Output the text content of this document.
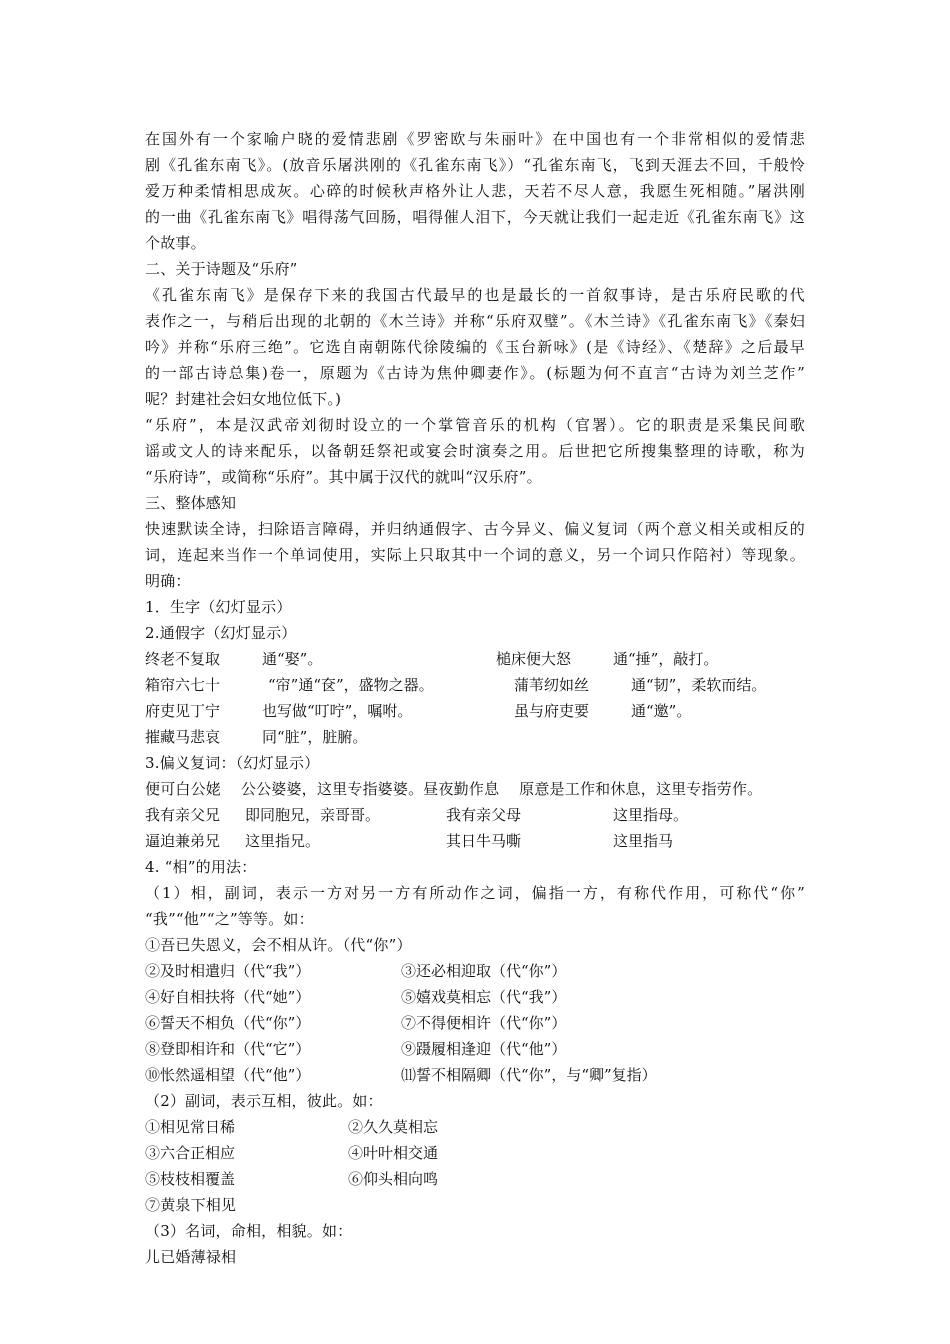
在国外有一个家喻户晓的爱情悲剧《罗密欧与朱丽叶》在中国也有一个非常相似的爱情悲
剧《孔雀东南飞》。(放音乐屠洪刚的《孔雀东南飞》）“孔雀东南飞，飞到天涯去不回，千般怜
爱万种柔情相思成灰。心碎的时候秋声格外让人悲，天若不尽人意，我愿生死相随。”屠洪刚
的一曲《孔雀东南飞》唱得荡气回肠，唱得催人泪下，今天就让我们一起走近《孔雀东南飞》这
个故事。
二、关于诗题及“乐府”
《孔雀东南飞》是保存下来的我国古代最早的也是最长的一首叙事诗，是古乐府民歌的代
表作之一，与稍后出现的北朝的《木兰诗》并称“乐府双璧”。《木兰诗》《孔雀东南飞》《秦妇
吟》并称“乐府三绝”。它选自南朝陈代徐陵编的《玉台新咏》(是《诗经》、《楚辞》之后最早
的一部古诗总集)卷一，原题为《古诗为焦仲卿妻作》。(标题为何不直言“古诗为刘兰芝作”
呢？封建社会妇女地位低下。)
“乐府”，本是汉武帝刘彻时设立的一个掌管音乐的机构（官署）。它的职责是采集民间歌
谣或文人的诗来配乐，以备朝廷祭祀或宴会时演奏之用。后世把它所搜集整理的诗歌，称为
“乐府诗”，或简称“乐府”。其中属于汉代的就叫“汉乐府”。
三、整体感知
快速默读全诗，扫除语言障碍，并归纳通假字、古今异义、偏义复词（两个意义相关或相反的
词，连起来当作一个单词使用，实际上只取其中一个词的意义，另一个词只作陪衬）等现象。
明确：
1．生字（幻灯显示）
2.通假字（幻灯显示）
终老不复取	通“娶”。	槌床便大怒	通“捶”，敲打。
箱帘六七十	“帘”通“奁”，盛物之器。	蒲苇纫如丝	通“韧”，柔软而结。
府吏见丁宁	也写做“叮咛”，嘱咐。	虽与府吏要	通“邀”。
摧藏马悲哀	同“脏”，脏腑。
3.偏义复词：（幻灯显示）
便可白公姥    公公婆婆，这里专指婆婆。昼夜勤作息    原意是工作和休息，这里专指劳作。
我有亲父兄 即同胞兄，亲哥哥。	我有亲父母	这里指母。
逼迫兼弟兄 这里指兄。	其日牛马嘶	这里指马
4. “相”的用法：
（1）相，副词，表示一方对另一方有所动作之词，偏指一方，有称代作用，可称代“你”
“我”“他”“之”等等。如：
①吾已失恩义，会不相从许。（代“你”）
②及时相遣归（代“我”）	③还必相迎取（代“你”）
④好自相扶将（代“她”）	⑤嬉戏莫相忘（代“我”）
⑥誓天不相负（代“你”）	⑦不得便相许（代“你”）
⑧登即相许和（代“它”）	⑨蹑履相逢迎（代“他”）
⑩怅然遥相望（代“他”）	⑾誓不相隔卿（代“你”，与“卿”复指）
（2）副词，表示互相，彼此。如：
①相见常日稀	②久久莫相忘
③六合正相应	④叶叶相交通
⑤枝枝相覆盖	⑥仰头相向鸣
⑦黄泉下相见
（3）名词，命相，相貌。如：
儿已婚薄禄相
